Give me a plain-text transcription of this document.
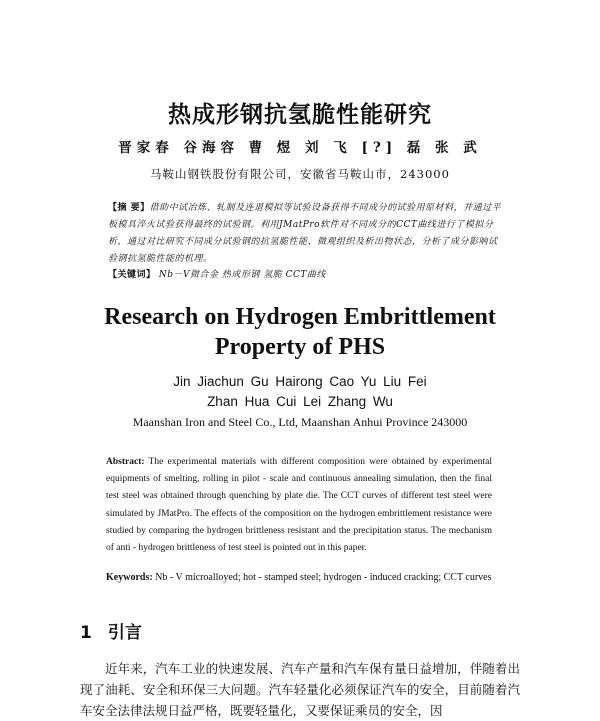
热成形钢抗氢脆性能研究
晋家春 谷海容 曹 煜 刘 飞 [?] 磊 张 武
马鞍山钢铁股份有限公司，安徽省马鞍山市，243000
【摘 要】借助中试冶炼、轧制及连退模拟等试验设备获得不同成分的试验用原材料，并通过平板模具淬火试验获得最终的试验钢。利用JMatPro软件对不同成分的CCT曲线进行了模拟分析，通过对比研究不同成分试验钢的抗氢脆性能、微观组织及析出物状态，分析了成分影响试验钢抗氢脆性能的机理。
【关键词】 Nb－V微合金 热成形钢 氢脆 CCT曲线
Research on Hydrogen Embrittlement
Property of PHS
Jin Jiachun Gu Hairong Cao Yu Liu Fei
Zhan Hua Cui Lei Zhang Wu
Maanshan Iron and Steel Co., Ltd, Maanshan Anhui Province 243000
Abstract: The experimental materials with different composition were obtained by experimental equipments of smelting, rolling in pilot - scale and continuous annealing simulation, then the final test steel was obtained through quenching by plate die. The CCT curves of different test steel were simulated by JMatPro. The effects of the composition on the hydrogen embrittlement resistance were studied by comparing the hydrogen brittleness resistant and the precipitation status. The mechanism of anti - hydrogen brittleness of test steel is pointed out in this paper.
Keywords: Nb - V microalloyed; hot - stamped steel; hydrogen - induced cracking; CCT curves
1 引言
近年来，汽车工业的快速发展、汽车产量和汽车保有量日益增加，伴随着出现了油耗、安全和环保三大问题。汽车轻量化必须保证汽车的安全，目前随着汽车安全法律法规日益严格，既要轻量化，又要保证乘员的安全，因
